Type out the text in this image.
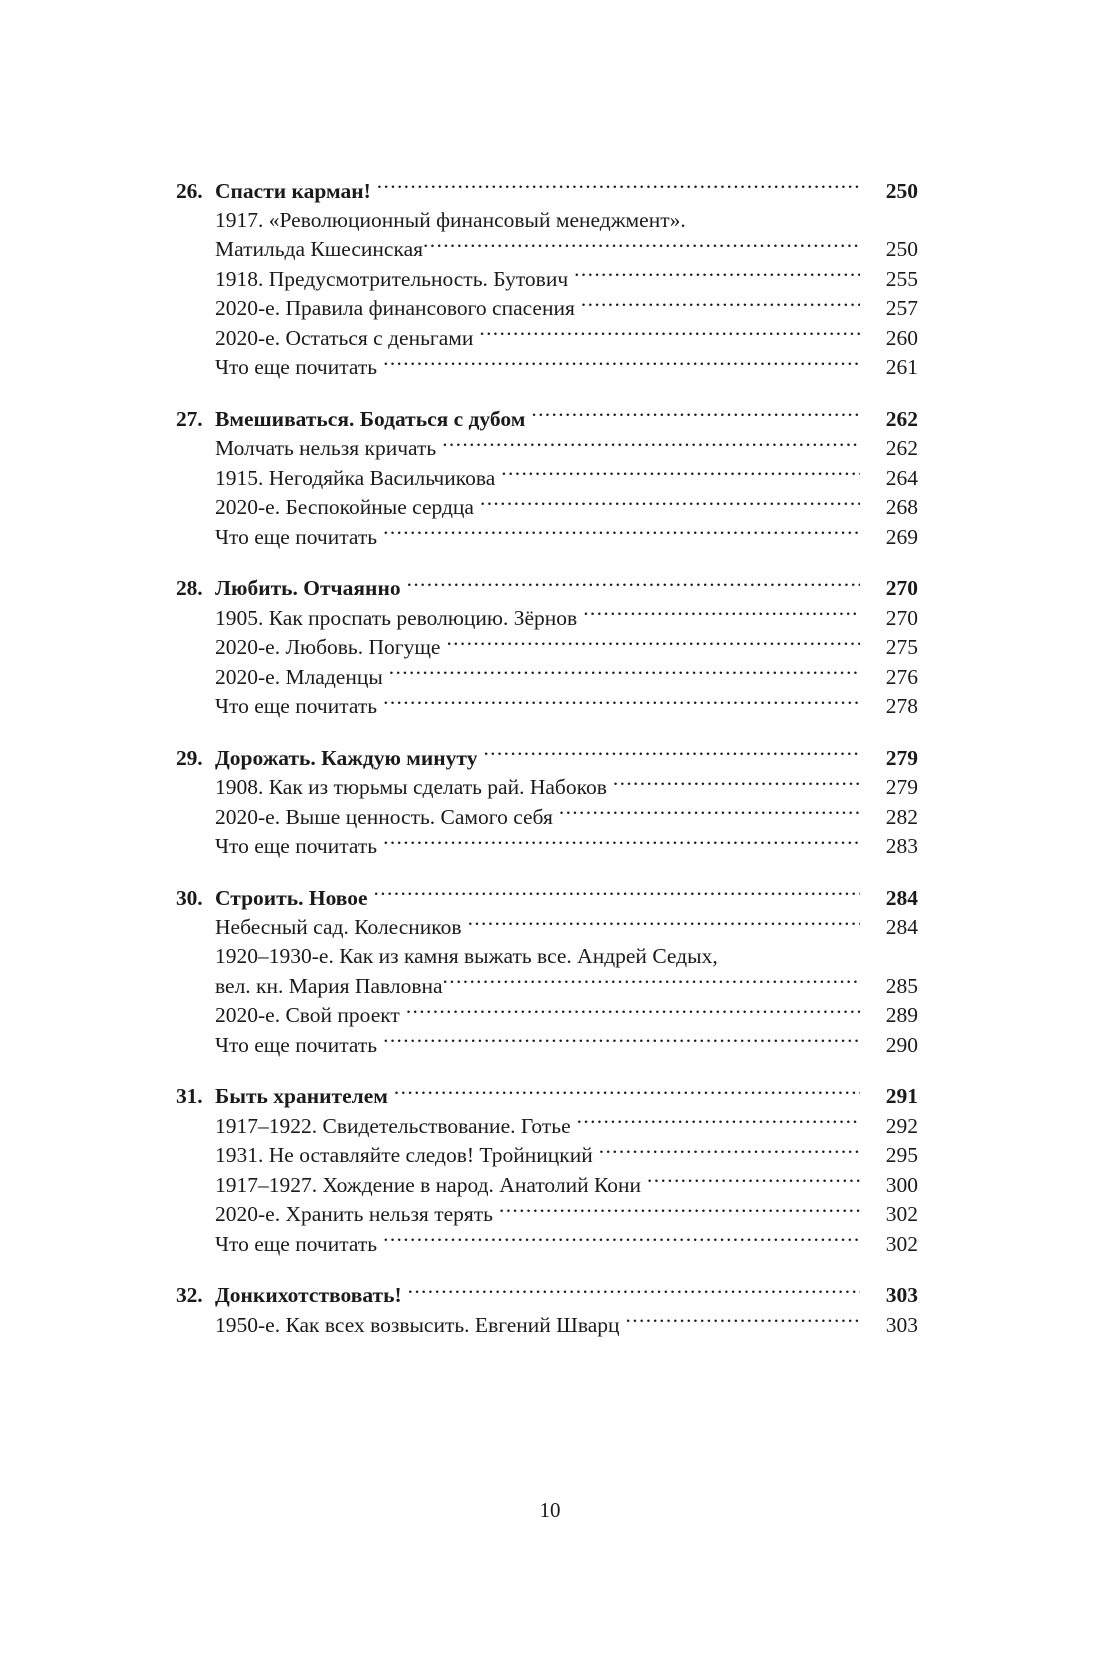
26. Спасти карман! .....	250
1917. «Революционный финансовый менеджмент».
Матильда Кшесинская .....	250
1918. Предусмотрительность. Бутович .....	255
2020-е. Правила финансового спасения .....	257
2020-е. Остаться с деньгами .....	260
Что еще почитать .....	261
27. Вмешиваться. Бодаться с дубом .....	262
Молчать нельзя кричать .....	262
1915. Негодяйка Васильчикова .....	264
2020-е. Беспокойные сердца .....	268
Что еще почитать .....	269
28. Любить. Отчаянно .....	270
1905. Как проспать революцию. Зёрнов .....	270
2020-е. Любовь. Погуще .....	275
2020-е. Младенцы .....	276
Что еще почитать .....	278
29. Дорожать. Каждую минуту .....	279
1908. Как из тюрьмы сделать рай. Набоков .....	279
2020-е. Выше ценность. Самого себя .....	282
Что еще почитать .....	283
30. Строить. Новое .....	284
Небесный сад. Колесников .....	284
1920–1930-е. Как из камня выжать все. Андрей Седых,
вел. кн. Мария Павловна .....	285
2020-е. Свой проект .....	289
Что еще почитать .....	290
31. Быть хранителем .....	291
1917–1922. Свидетельствование. Готье .....	292
1931. Не оставляйте следов! Тройницкий .....	295
1917–1927. Хождение в народ. Анатолий Кони .....	300
2020-е. Хранить нельзя терять .....	302
Что еще почитать .....	302
32. Донкихотствовать! .....	303
1950-е. Как всех возвысить. Евгений Шварц .....	303
10
